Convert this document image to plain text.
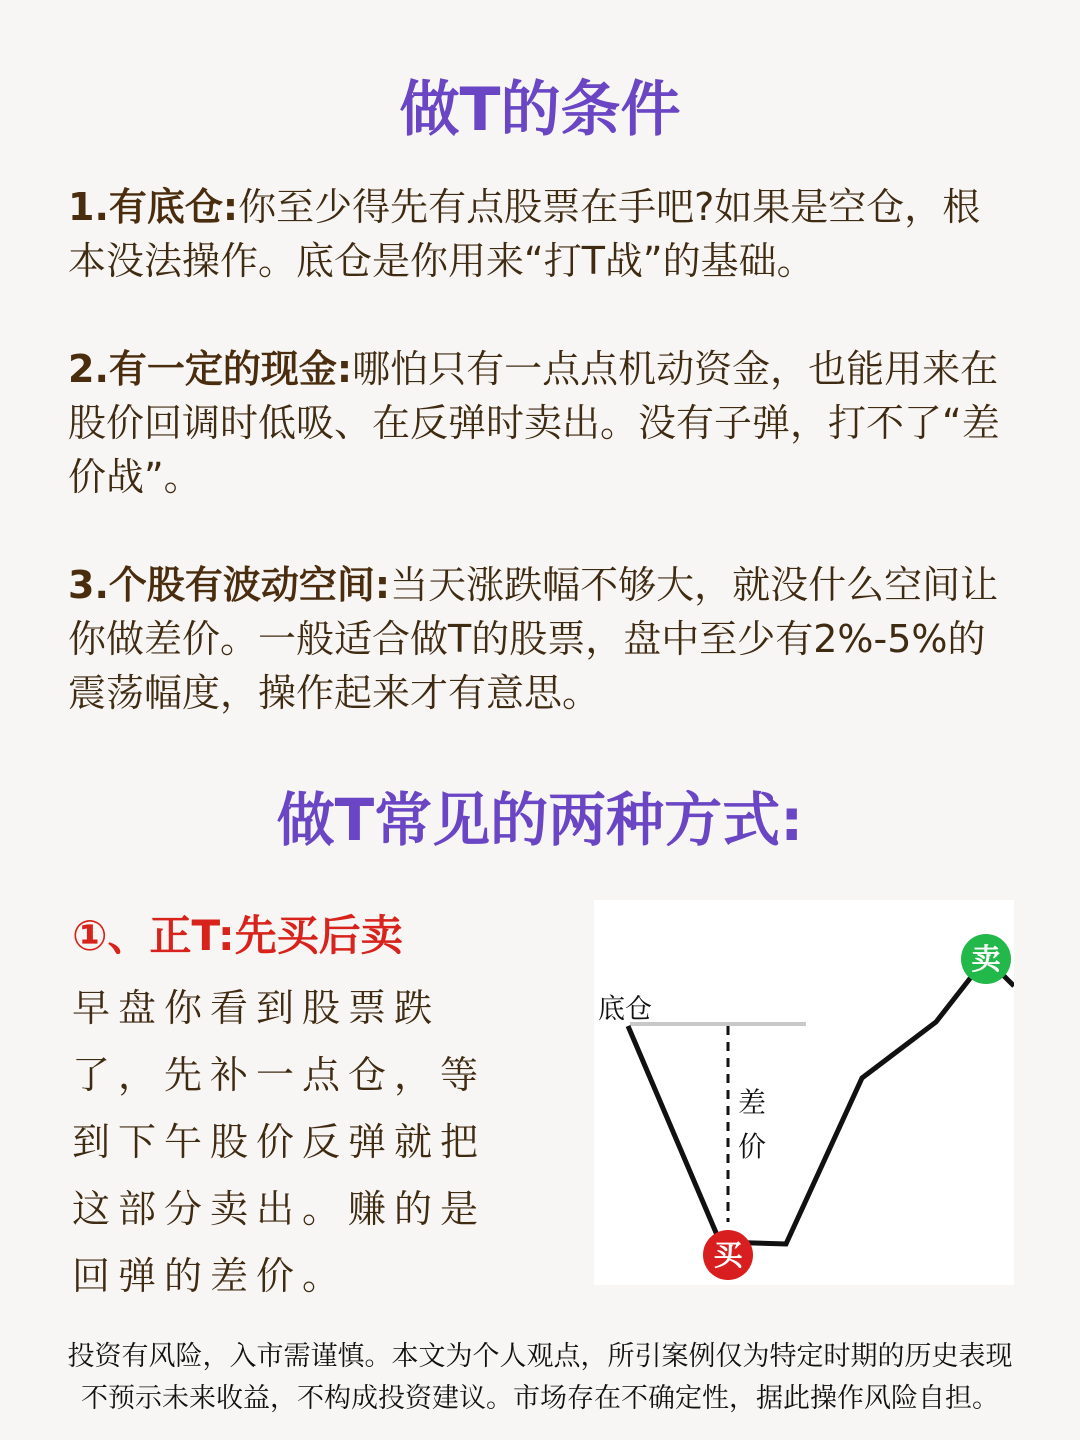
做T的条件

1.有底仓:你至少得先有点股票在手吧?如果是空仓，根本没法操作。底仓是你用来“打T战”的基础。

2.有一定的现金:哪怕只有一点点机动资金，也能用来在股价回调时低吸、在反弹时卖出。没有子弹，打不了“差价战”。

3.个股有波动空间:当天涨跌幅不够大，就没什么空间让你做差价。一般适合做T的股票，盘中至少有2%-5%的震荡幅度，操作起来才有意思。

做T常见的两种方式:
①、正T:先买后卖

早盘你看到股票跌了，先补一点仓，等到下午股价反弹就把这部分卖出。赚的是回弹的差价。

底仓
差
价
买
卖

投资有风险，入市需谨慎。本文为个人观点，所引案例仅为特定时期的历史表现
不预示未来收益，不构成投资建议。市场存在不确定性，据此操作风险自担。
